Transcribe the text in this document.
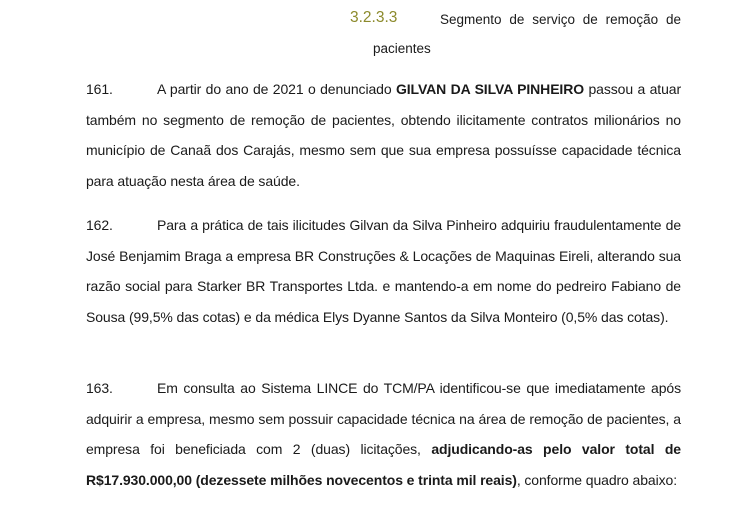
3.2.3.3	Segmento de serviço de remoção de
pacientes
161.	A partir do ano de 2021 o denunciado GILVAN DA SILVA PINHEIRO passou a atuar também no segmento de remoção de pacientes, obtendo ilicitamente contratos milionários no município de Canaã dos Carajás, mesmo sem que sua empresa possuísse capacidade técnica para atuação nesta área de saúde.
162.	Para a prática de tais ilicitudes Gilvan da Silva Pinheiro adquiriu fraudulentamente de José Benjamim Braga a empresa BR Construções & Locações de Maquinas Eireli, alterando sua razão social para Starker BR Transportes Ltda. e mantendo-a em nome do pedreiro Fabiano de Sousa (99,5% das cotas) e da médica Elys Dyanne Santos da Silva Monteiro (0,5% das cotas).
163.	Em consulta ao Sistema LINCE do TCM/PA identificou-se que imediatamente após adquirir a empresa, mesmo sem possuir capacidade técnica na área de remoção de pacientes, a empresa foi beneficiada com 2 (duas) licitações, adjudicando-as pelo valor total de R$17.930.000,00 (dezessete milhões novecentos e trinta mil reais), conforme quadro abaixo:
